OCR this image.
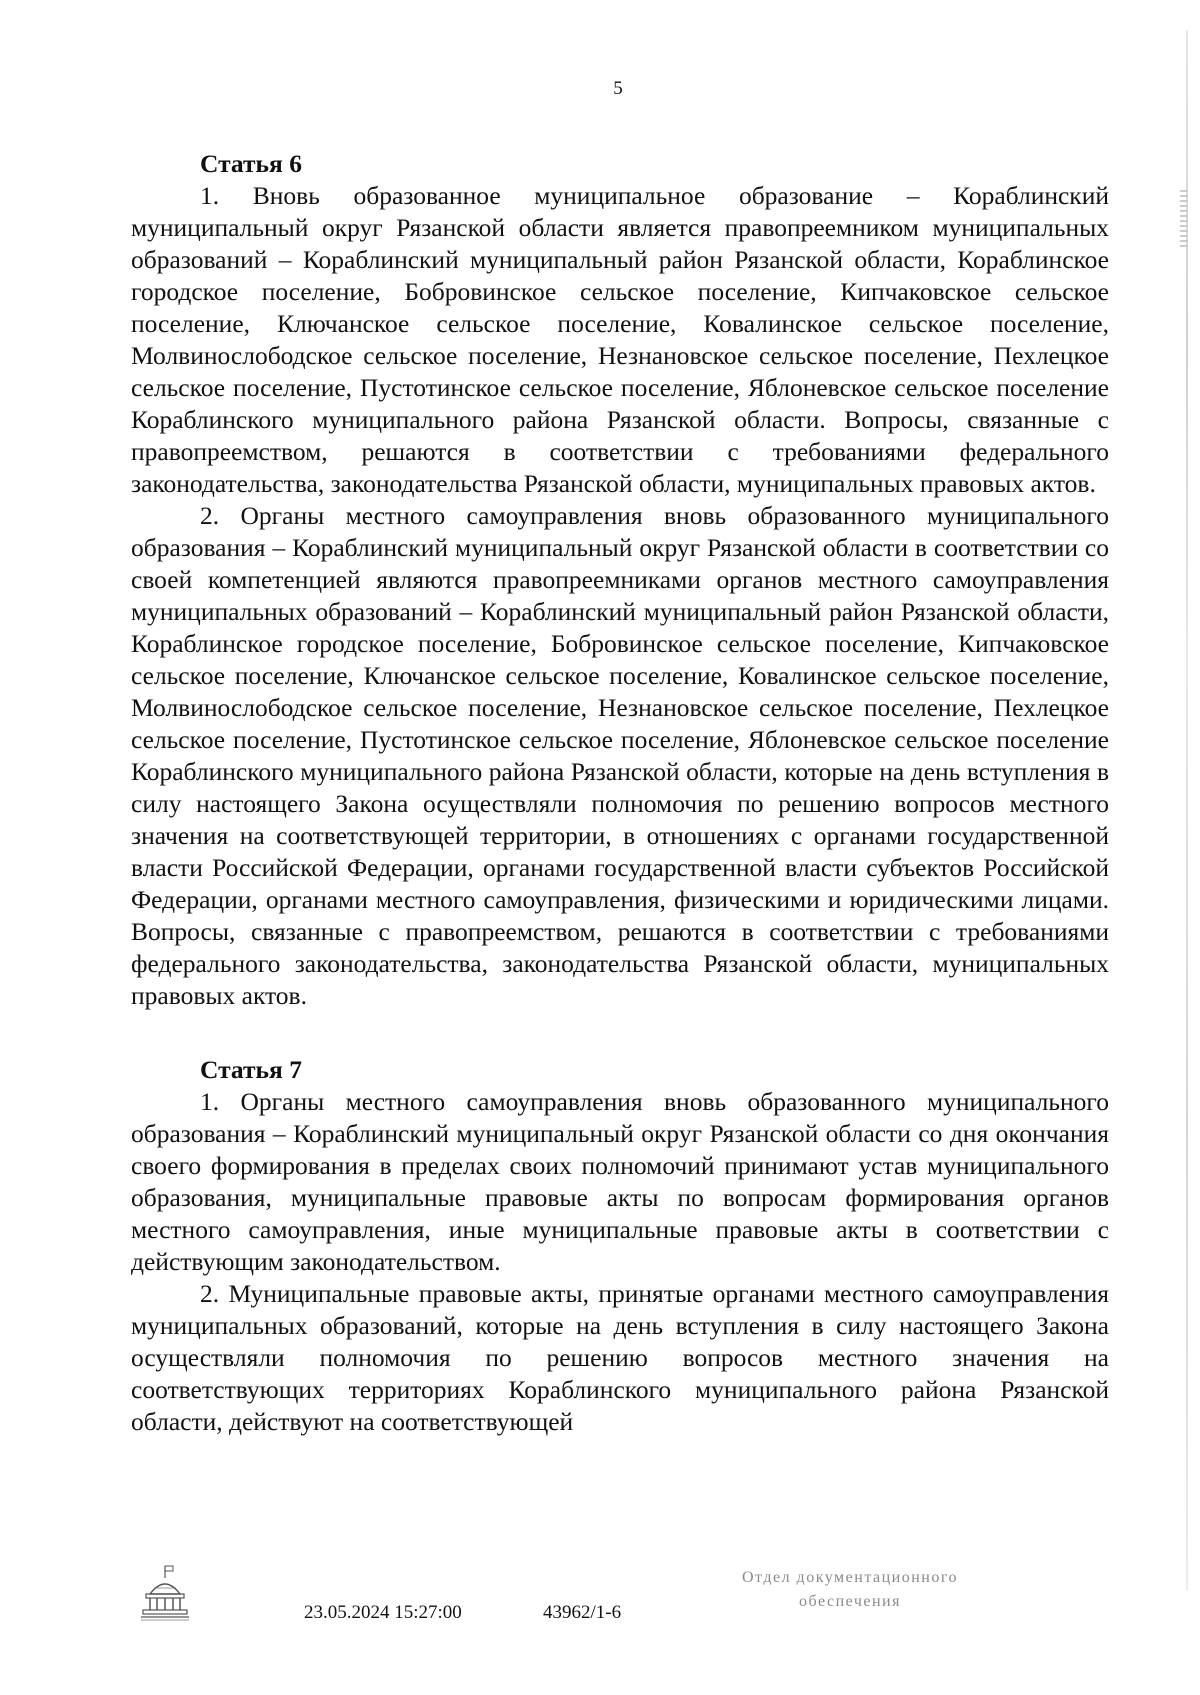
5

Статья 6

1. Вновь образованное муниципальное образование – Кораблинский муниципальный округ Рязанской области является правопреемником муниципальных образований – Кораблинский муниципальный район Рязанской области, Кораблинское городское поселение, Бобровинское сельское поселение, Кипчаковское сельское поселение, Ключанское сельское поселение, Ковалинское сельское поселение, Молвинослободское сельское поселение, Незнановское сельское поселение, Пехлецкое сельское поселение, Пустотинское сельское поселение, Яблоневское сельское поселение Кораблинского муниципального района Рязанской области. Вопросы, связанные с правопреемством, решаются в соответствии с требованиями федерального законодательства, законодательства Рязанской области, муниципальных правовых актов.

2. Органы местного самоуправления вновь образованного муниципального образования – Кораблинский муниципальный округ Рязанской области в соответствии со своей компетенцией являются правопреемниками органов местного самоуправления муниципальных образований – Кораблинский муниципальный район Рязанской области, Кораблинское городское поселение, Бобровинское сельское поселение, Кипчаковское сельское поселение, Ключанское сельское поселение, Ковалинское сельское поселение, Молвинослободское сельское поселение, Незнановское сельское поселение, Пехлецкое сельское поселение, Пустотинское сельское поселение, Яблоневское сельское поселение Кораблинского муниципального района Рязанской области, которые на день вступления в силу настоящего Закона осуществляли полномочия по решению вопросов местного значения на соответствующей территории, в отношениях с органами государственной власти Российской Федерации, органами государственной власти субъектов Российской Федерации, органами местного самоуправления, физическими и юридическими лицами. Вопросы, связанные с правопреемством, решаются в соответствии с требованиями федерального законодательства, законодательства Рязанской области, муниципальных правовых актов.

Статья 7

1. Органы местного самоуправления вновь образованного муниципального образования – Кораблинский муниципальный округ Рязанской области со дня окончания своего формирования в пределах своих полномочий принимают устав муниципального образования, муниципальные правовые акты по вопросам формирования органов местного самоуправления, иные муниципальные правовые акты в соответствии с действующим законодательством.

2. Муниципальные правовые акты, принятые органами местного самоуправления муниципальных образований, которые на день вступления в силу настоящего Закона осуществляли полномочия по решению вопросов местного значения на соответствующих территориях Кораблинского муниципального района Рязанской области, действуют на соответствующей

23.05.2024 15:27:00	43962/1-6
Отдел документационного
обеспечения
